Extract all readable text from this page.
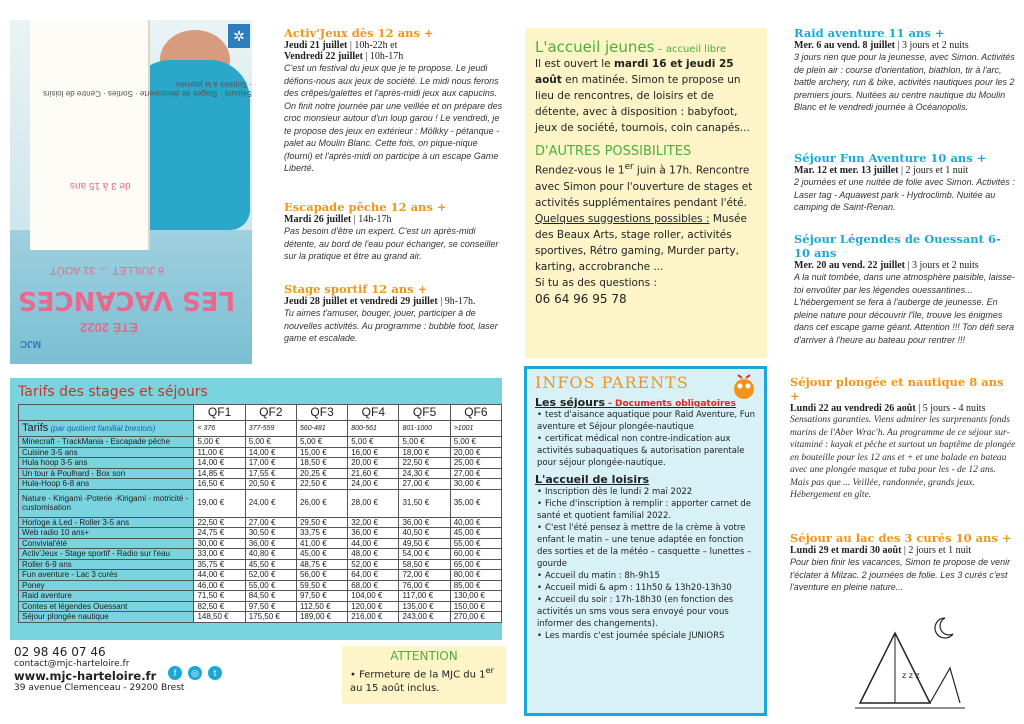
✲
Séjours · Stages de découverte · Sorties · Centre de loisirs · Soirées à la journée
de 3 à 15 ans
6 JUILLET → 31 AOÛT
LES VACANCES
ÉTÉ 2022
MJC
Activ'Jeux dès 12 ans +
Jeudi 21 juillet | 10h-22h et
Vendredi 22 juillet | 10h-17h
C'est un festival du jeux que je te propose. Le jeudi défions-nous aux jeux de société. Le midi nous ferons des crêpes/galettes et l'après-midi jeux aux capucins. On finit notre journée par une veillée et on prépare des croc monsieur autour d'un loup garou ! Le vendredi, je te propose des jeux en extérieur : Mölkky - pétanque - palet au Moulin Blanc. Cette fois, on pique-nique (fourni) et l'après-midi on participe à un escape Game Liberté.
Escapade pêche 12 ans +
Mardi 26 juillet | 14h-17h
Pas besoin d'être un expert. C'est un après-midi détente, au bord de l'eau pour échanger, se conseiller sur la pratique et être au grand air.
Stage sportif 12 ans +
Jeudi 28 juillet et vendredi 29 juillet | 9h-17h.
Tu aimes t'amuser, bouger, jouer, participer à de nouvelles activités. Au programme : bubble foot, laser game et escalade.
L'accueil jeunes – accueil libre
Il est ouvert le mardi 16 et jeudi 25 août en matinée. Simon te propose un lieu de rencontres, de loisirs et de détente, avec à disposition : babyfoot, jeux de société, tournois, coin canapés...
D'AUTRES POSSIBILITES
Rendez-vous le 1er juin à 17h. Rencontre avec Simon pour l'ouverture de stages et activités supplémentaires pendant l'été.
Quelques suggestions possibles : Musée des Beaux Arts, stage roller, activités sportives, Rétro gaming, Murder party, karting, accrobranche ...
Si tu as des questions :
06 64 96 95 78
Raid aventure 11 ans +
Mer. 6 au vend. 8 juillet | 3 jours et 2 nuits
3 jours rien que pour la jeunesse, avec Simon. Activités de plein air : course d'orientation, biathlon, tir à l'arc, battle archery, run & bike, activités nautiques pour les 2 premiers jours. Nuitées au centre nautique du Moulin Blanc et le vendredi journée à Océanopolis.
Séjour Fun Aventure 10 ans +
Mar. 12 et mer. 13 juillet | 2 jours et 1 nuit
2 journées et une nuitée de folie avec Simon. Activités : Laser tag - Aquawest park - Hydroclimb. Nuitée au camping de Saint-Renan.
Séjour Légendes de Ouessant 6-10 ans
Mer. 20 au vend. 22 juillet | 3 jours et 2 nuits
A la nuit tombée, dans une atmosphère paisible, laisse-toi envoûter par les légendes ouessantines... L'hébergement se fera à l'auberge de jeunesse. En pleine nature pour découvrir l'île, trouve les énigmes dans cet escape game géant. Attention !!! Ton défi sera d'arriver à l'heure au bateau pour rentrer !!!
Séjour plongée et nautique 8 ans +
Lundi 22 au vendredi 26 août | 5 jours - 4 nuits
Sensations garanties. Viens admirer les surprenants fonds marins de l'Aber Wrac'h. Au programme de ce séjour sur-vitaminé : kayak et pêche et surtout un baptême de plongée en bouteille pour les 12 ans et + et une balade en bateau avec une plongée masque et tuba pour les - de 12 ans. Mais pas que ... Veillée, randonnée, grands jeux. Hébergement en gîte.
Séjour au lac des 3 curés 10 ans +
Lundi 29 et mardi 30 août | 2 jours et 1 nuit
Pour bien finir les vacances, Simon te propose de venir t'éclater à Milzac. 2 journées de folie. Les 3 curés c'est l'aventure en pleine nature...
z z z
Tarifs des stages et séjours
	QF1	QF2	QF3	QF4	QF5	QF6
Tarifs (par quotient familial brestois)	< 376	377-559	560-481	800-561	801-1000	>1001
Minecraft - TrackMania - Escapade pêche	5,00 €	5,00 €	5,00 €	5,00 €	5,00 €	5,00 €
Cuisine 3-5 ans	11,00 €	14,00 €	15,00 €	16,00 €	18,00 €	20,00 €
Hula hoop 3-5 ans	14,00 €	17,00 €	18,50 €	20,00 €	22,50 €	25,00 €
Un tour à Poulhard - Box son	14,85 €	17,55 €	20,25 €	21,60 €	24,30 €	27,00 €
Hula-Hoop 6-8 ans	16,50 €	20,50 €	22,50 €	24,00 €	27,00 €	30,00 €
Nature - Kirigami -Poterie -Kirigami - motricité -customisation	19,00 €	24,00 €	26,00 €	28,00 €	31,50 €	35,00 €
Horloge à Led - Roller 3-5 ans	22,50 €	27,00 €	29,50 €	32,00 €	36,00 €	40,00 €
Web radio 10 ans+	24,75 €	30,50 €	33,75 €	36,00 €	40,50 €	45,00 €
Convivial'été	30,00 €	36,00 €	41,00 €	44,00 €	49,50 €	55,00 €
Activ'Jeux - Stage sportif - Radio sur l'eau	33,00 €	40,80 €	45,00 €	48,00 €	54,00 €	60,00 €
Roller 6-9 ans	35,75 €	45,50 €	48,75 €	52,00 €	58,50 €	65,00 €
Fun aventure - Lac 3 curés	44,00 €	52,00 €	56,00 €	64,00 €	72,00 €	80,00 €
Poney	46,00 €	55,00 €	59,50 €	68,00 €	76,00 €	85,00 €
Raid aventure	71,50 €	84,50 €	97,50 €	104,00 €	117,00 €	130,00 €
Contes et légendes Ouessant	82,50 €	97,50 €	112,50 €	120,00 €	135,00 €	150,00 €
Séjour plongée nautique	148,50 €	175,50 €	189,00 €	216,00 €	243,00 €	270,00 €
02 98 46 07 46
contact@mjc-harteloire.fr
www.mjc-harteloire.fr
39 avenue Clemenceau - 29200 Brest
f	◎	t
ATTENTION
• Fermeture de la MJC du 1er au 15 août inclus.
INFOS PARENTS
Les séjours - Documents obligatoires
• test d'aisance aquatique pour Raid Aventure, Fun aventure et Séjour plongée-nautique
• certificat médical non contre-indication aux activités subaquatiques & autorisation parentale pour séjour plongée-nautique.
L'accueil de loisirs
• Inscription dès le lundi 2 mai 2022
• Fiche d'inscription à remplir : apporter carnet de santé et quotient familial 2022.
• C'est l'été pensez à mettre de la crème à votre enfant le matin – une tenue adaptée en fonction des sorties et de la météo – casquette – lunettes – gourde
• Accueil du matin : 8h-9h15
• Accueil midi & apm : 11h50 & 13h20-13h30
• Accueil du soir : 17h-18h30 (en fonction des activités un sms vous sera envoyé pour vous informer des changements).
• Les mardis c'est journée spéciale JUNIORS
